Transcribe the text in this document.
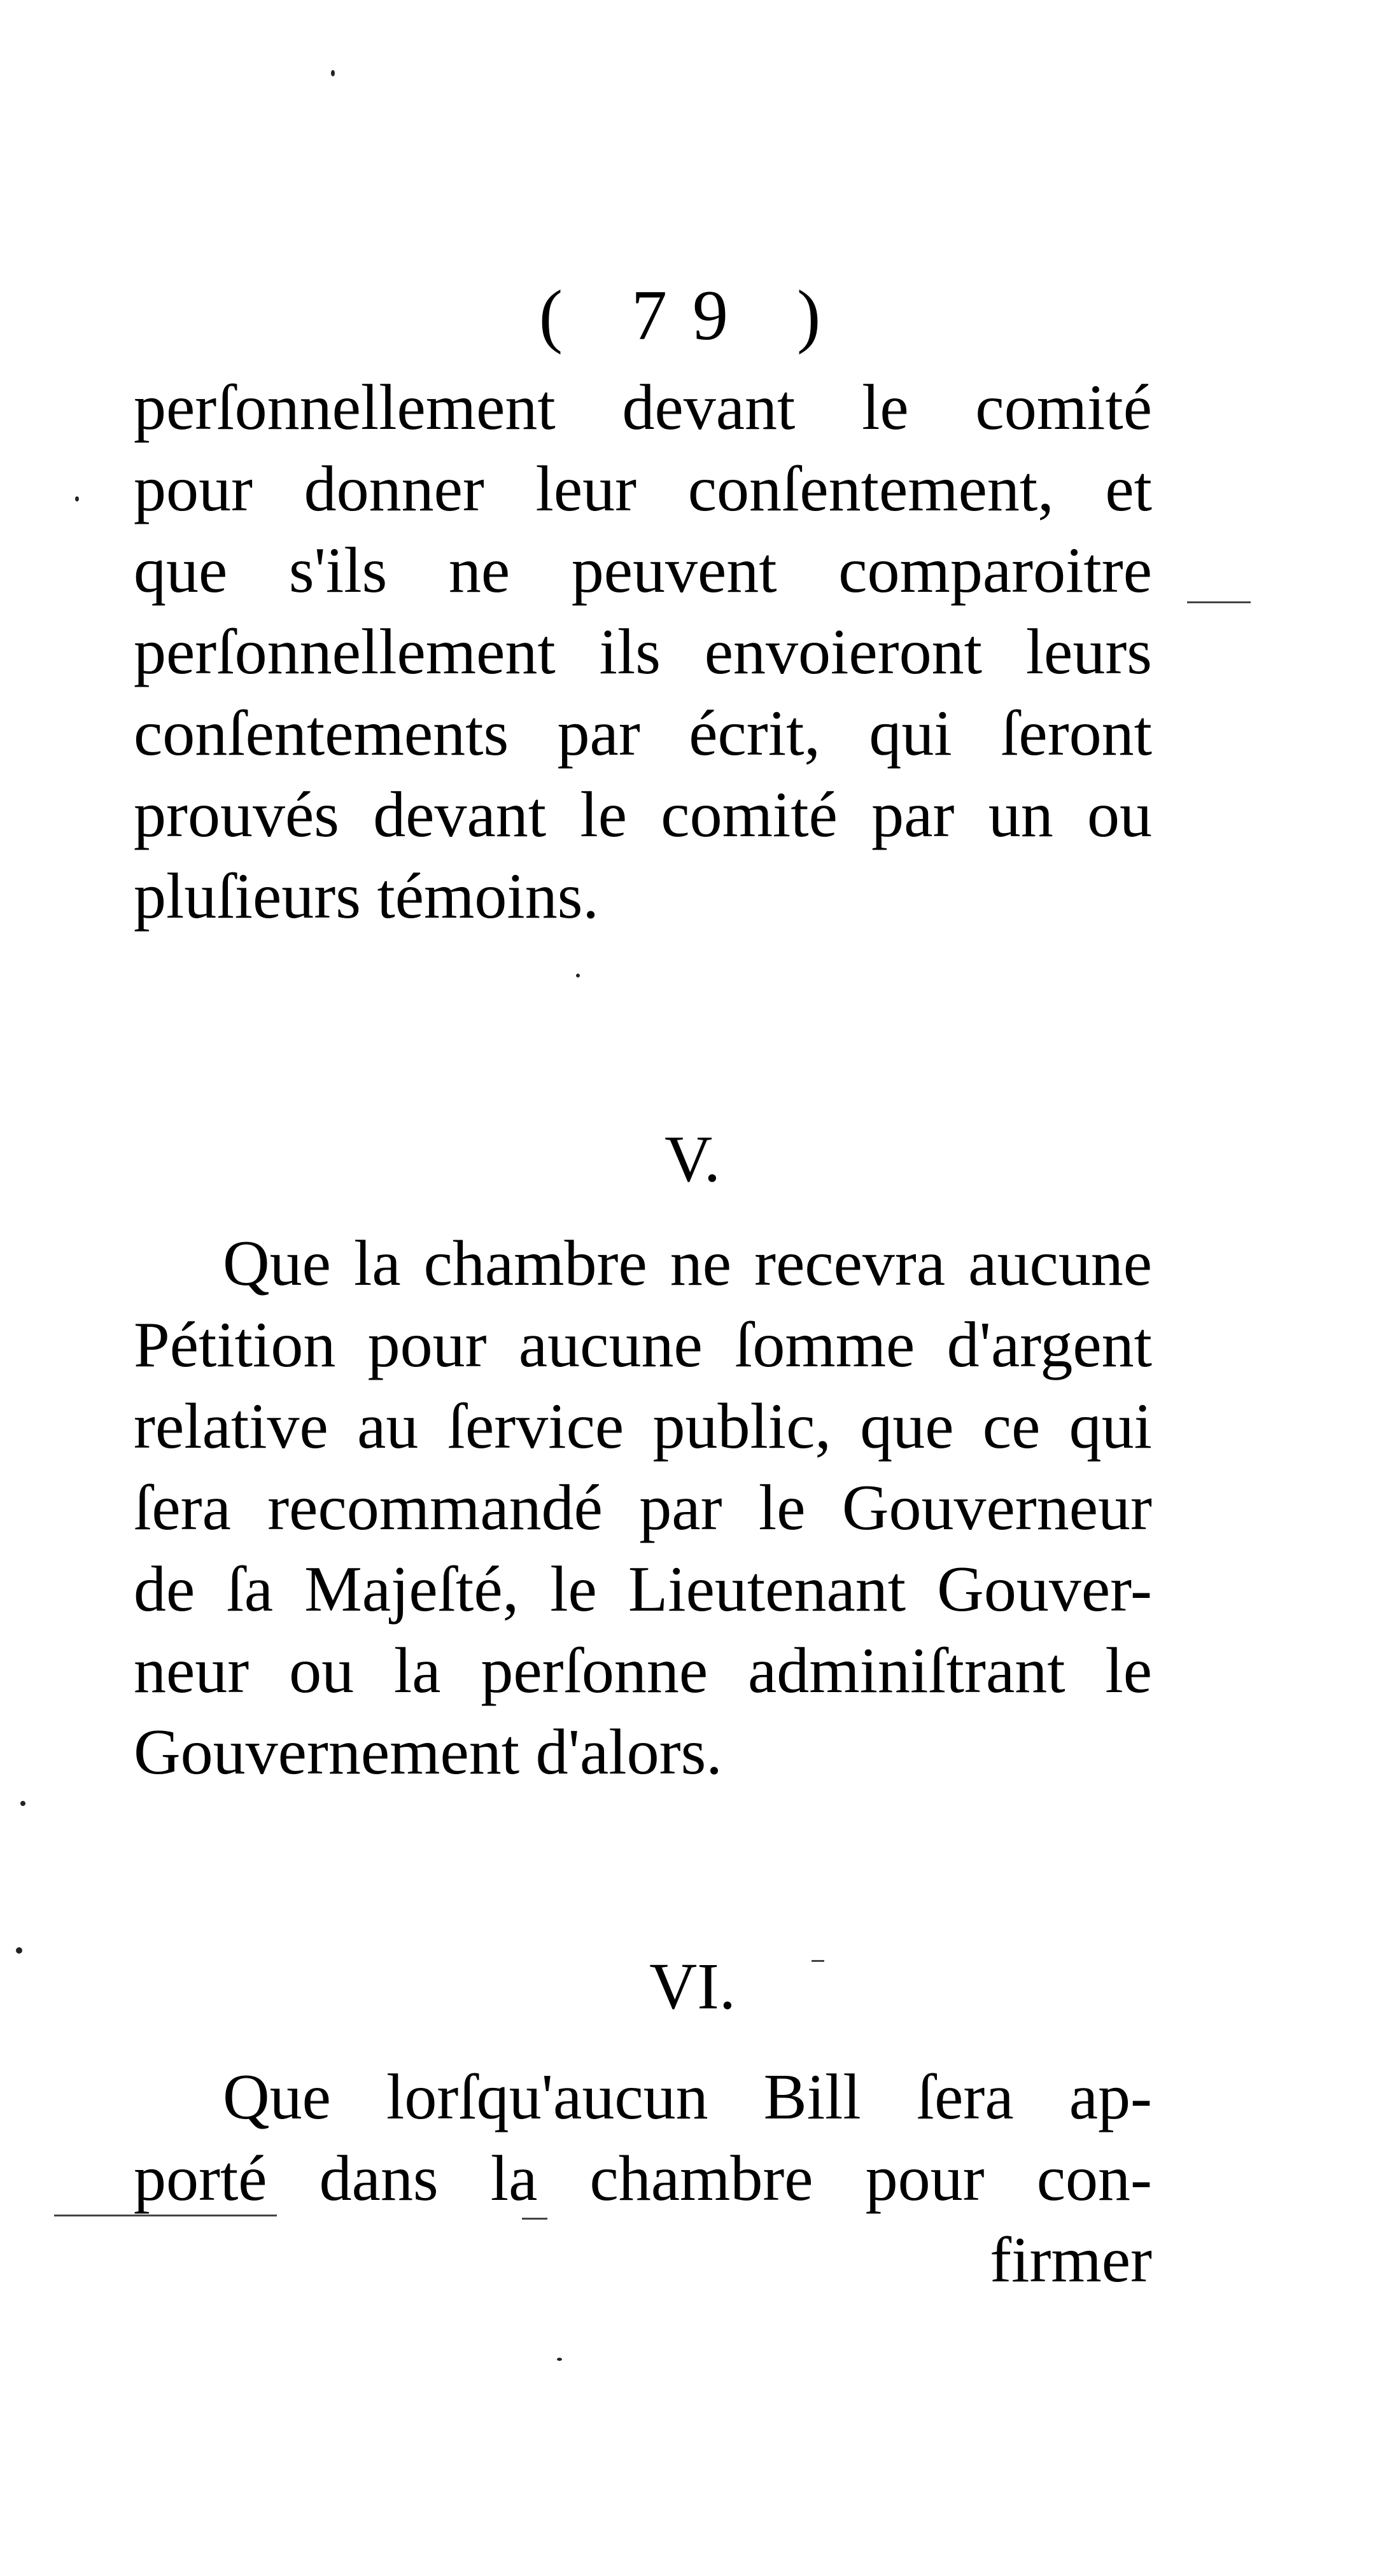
( 79 )
perſonnellement devant le comité
pour donner leur conſentement, et
que s'ils ne peuvent comparoitre
perſonnellement ils envoieront leurs
conſentements par écrit, qui ſeront
prouvés devant le comité par un ou
pluſieurs témoins.
V.
Que la chambre ne recevra aucune
Pétition pour aucune ſomme d'argent
relative au ſervice public, que ce qui
ſera recommandé par le Gouverneur
de ſa Majeſté, le Lieutenant Gouver-
neur ou la perſonne adminiſtrant le
Gouvernement d'alors.
VI.
Que lorſqu'aucun Bill ſera ap-
porté dans la chambre pour con-
firmer
